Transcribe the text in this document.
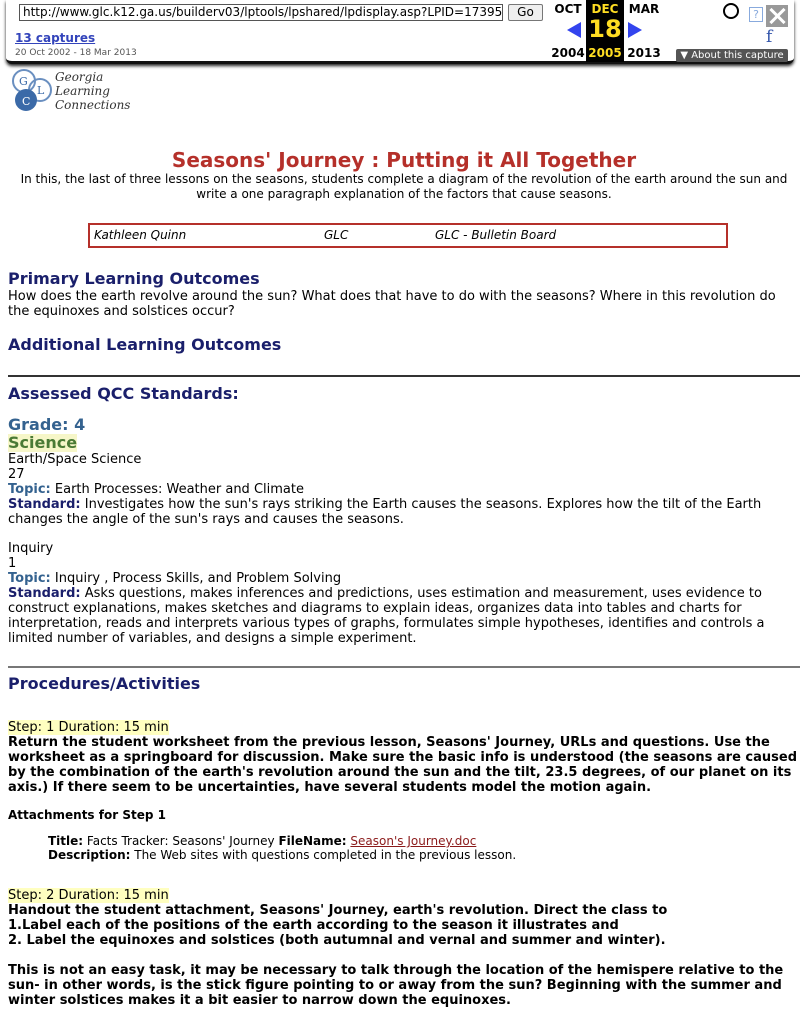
http://www.glc.k12.ga.us/builderv03/lptools/lpshared/lpdisplay.asp?LPID=17395	Go
13 captures
20 Oct 2002 - 18 Mar 2013
OCT
2004
DEC
18
2005
MAR
2013
?
f
▼ About this capture
G
L
C
Georgia
Learning
Connections
Seasons' Journey : Putting it All Together

In this, the last of three lessons on the seasons, students complete a diagram of the revolution of the earth around the sun and write a one paragraph explanation of the factors that cause seasons.

Kathleen Quinn	GLC	GLC - Bulletin Board
Primary Learning Outcomes

How does the earth revolve around the sun? What does that have to do with the seasons? Where in this revolution do the equinoxes and solstices occur?

Additional Learning Outcomes
Assessed QCC Standards:
Grade: 4
Science
Earth/Space Science
27
Topic: Earth Processes: Weather and Climate
Standard: Investigates how the sun's rays striking the Earth causes the seasons. Explores how the tilt of the Earth changes the angle of the sun's rays and causes the seasons.
Inquiry
1
Topic: Inquiry , Process Skills, and Problem Solving
Standard: Asks questions, makes inferences and predictions, uses estimation and measurement, uses evidence to construct explanations, makes sketches and diagrams to explain ideas, organizes data into tables and charts for interpretation, reads and interprets various types of graphs, formulates simple hypotheses, identifies and controls a limited number of variables, and designs a simple experiment.
Procedures/Activities
Step: 1 Duration: 15 min
Return the student worksheet from the previous lesson, Seasons' Journey, URLs and questions. Use the worksheet as a springboard for discussion. Make sure the basic info is understood (the seasons are caused by the combination of the earth's revolution around the sun and the tilt, 23.5 degrees, of our planet on its axis.) If there seem to be uncertainties, have several students model the motion again.
Attachments for Step 1
Title: Facts Tracker: Seasons' Journey FileName: Season's Journey.doc
Description: The Web sites with questions completed in the previous lesson.
Step: 2 Duration: 15 min
Handout the student attachment, Seasons' Journey, earth's revolution. Direct the class to
1.Label each of the positions of the earth according to the season it illustrates and
2. Label the equinoxes and solstices (both autumnal and vernal and summer and winter).
This is not an easy task, it may be necessary to talk through the location of the hemispere relative to the sun- in other words, is the stick figure pointing to or away from the sun? Beginning with the summer and winter solstices makes it a bit easier to narrow down the equinoxes.
